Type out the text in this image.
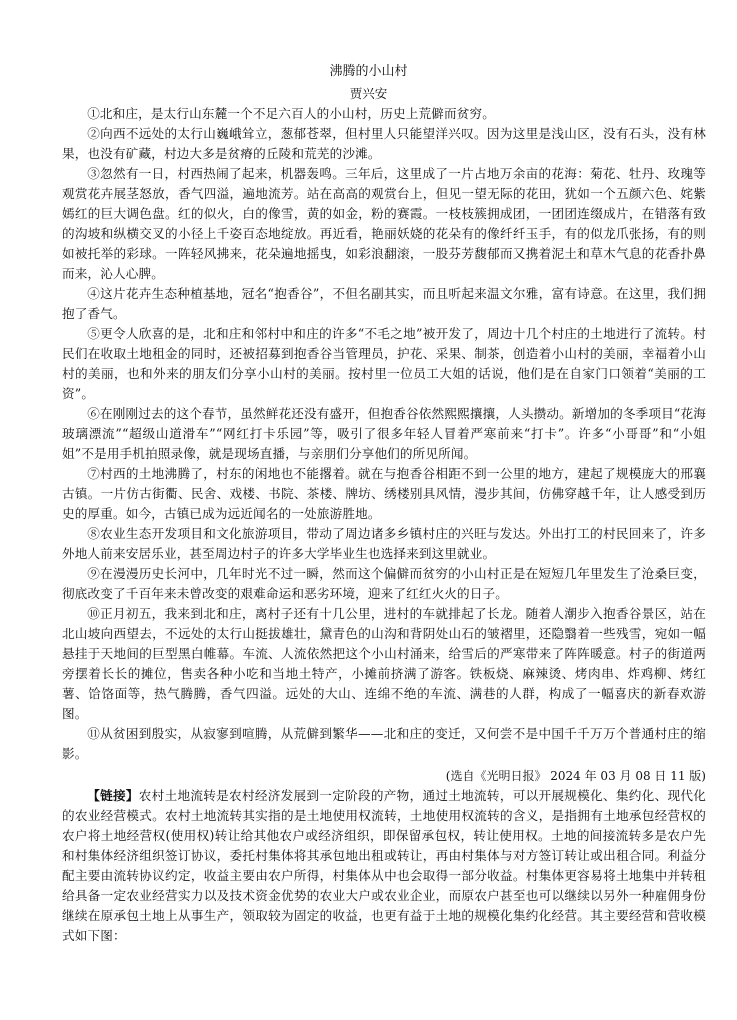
沸腾的小山村
贾兴安

①北和庄，是太行山东麓一个不足六百人的小山村，历史上荒僻而贫穷。

②向西不远处的太行山巍峨耸立，葱郁苍翠，但村里人只能望洋兴叹。因为这里是浅山区，没有石头，没有林果，也没有矿藏，村边大多是贫瘠的丘陵和荒芜的沙滩。

③忽然有一日，村西热闹了起来，机器轰鸣。三年后，这里成了一片占地万余亩的花海：菊花、牡丹、玫瑰等观赏花卉展茎怒放，香气四溢，遍地流芳。站在高高的观赏台上，但见一望无际的花田，犹如一个五颜六色、姹紫嫣红的巨大调色盘。红的似火，白的像雪，黄的如金，粉的赛霞。一枝枝簇拥成团，一团团连缀成片，在错落有致的沟坡和纵横交叉的小径上千姿百态地绽放。再近看，艳丽妖娆的花朵有的像纤纤玉手，有的似龙爪张扬，有的则如被托举的彩球。一阵轻风拂来，花朵遍地摇曳，如彩浪翻滚，一股芬芳馥郁而又携着泥土和草木气息的花香扑鼻而来，沁人心脾。

④这片花卉生态种植基地，冠名“抱香谷”，不但名副其实，而且听起来温文尔雅，富有诗意。在这里，我们拥抱了香气。

⑤更令人欣喜的是，北和庄和邻村中和庄的许多“不毛之地”被开发了，周边十几个村庄的土地进行了流转。村民们在收取土地租金的同时，还被招募到抱香谷当管理员，护花、采果、制茶，创造着小山村的美丽，幸福着小山村的美丽，也和外来的朋友们分享小山村的美丽。按村里一位员工大姐的话说，他们是在自家门口领着“美丽的工资”。

⑥在刚刚过去的这个春节，虽然鲜花还没有盛开，但抱香谷依然熙熙攘攘，人头攒动。新增加的冬季项目“花海玻璃漂流”“超级山道滑车”“网红打卡乐园”等，吸引了很多年轻人冒着严寒前来“打卡”。许多“小哥哥”和“小姐姐”不是用手机拍照录像，就是现场直播，与亲朋们分享他们的所见所闻。

⑦村西的土地沸腾了，村东的闲地也不能撂着。就在与抱香谷相距不到一公里的地方，建起了规模庞大的邢襄古镇。一片仿古街衢、民舍、戏楼、书院、茶楼、牌坊、绣楼别具风情，漫步其间，仿佛穿越千年，让人感受到历史的厚重。如今，古镇已成为远近闻名的一处旅游胜地。

⑧农业生态开发项目和文化旅游项目，带动了周边诸多乡镇村庄的兴旺与发达。外出打工的村民回来了，许多外地人前来安居乐业，甚至周边村子的许多大学毕业生也选择来到这里就业。

⑨在漫漫历史长河中，几年时光不过一瞬，然而这个偏僻而贫穷的小山村正是在短短几年里发生了沧桑巨变，彻底改变了千百年来未曾改变的艰难命运和恶劣环境，迎来了红红火火的日子。

⑩正月初五，我来到北和庄，离村子还有十几公里，进村的车就排起了长龙。随着人潮步入抱香谷景区，站在北山坡向西望去，不远处的太行山挺拔雄壮，黛青色的山沟和背阴处山石的皱褶里，还隐翳着一些残雪，宛如一幅悬挂于天地间的巨型黑白帷幕。车流、人流依然把这个小山村涌来，给雪后的严寒带来了阵阵暖意。村子的街道两旁摆着长长的摊位，售卖各种小吃和当地土特产，小摊前挤满了游客。铁板烧、麻辣烫、烤肉串、炸鸡柳、烤红薯、饸饹面等，热气腾腾，香气四溢。远处的大山、连绵不绝的车流、满巷的人群，构成了一幅喜庆的新春欢游图。

⑪从贫困到殷实，从寂寥到喧腾，从荒僻到繁华——北和庄的变迁，又何尝不是中国千千万万个普通村庄的缩影。

(选自《光明日报》 2024 年 03 月 08 日 11 版)

【链接】农村土地流转是农村经济发展到一定阶段的产物，通过土地流转，可以开展规模化、集约化、现代化的农业经营模式。农村土地流转其实指的是土地使用权流转，土地使用权流转的含义，是指拥有土地承包经营权的农户将土地经营权(使用权)转让给其他农户或经济组织，即保留承包权，转让使用权。土地的间接流转多是农户先和村集体经济组织签订协议，委托村集体将其承包地出租或转让，再由村集体与对方签订转让或出租合同。利益分配主要由流转协议约定，收益主要由农户所得，村集体从中也会取得一部分收益。村集体更容易将土地集中并转租给具备一定农业经营实力以及技术资金优势的农业大户或农业企业，而原农户甚至也可以继续以另外一种雇佣身份继续在原承包土地上从事生产，领取较为固定的收益，也更有益于土地的规模化集约化经营。其主要经营和营收模式如下图：
